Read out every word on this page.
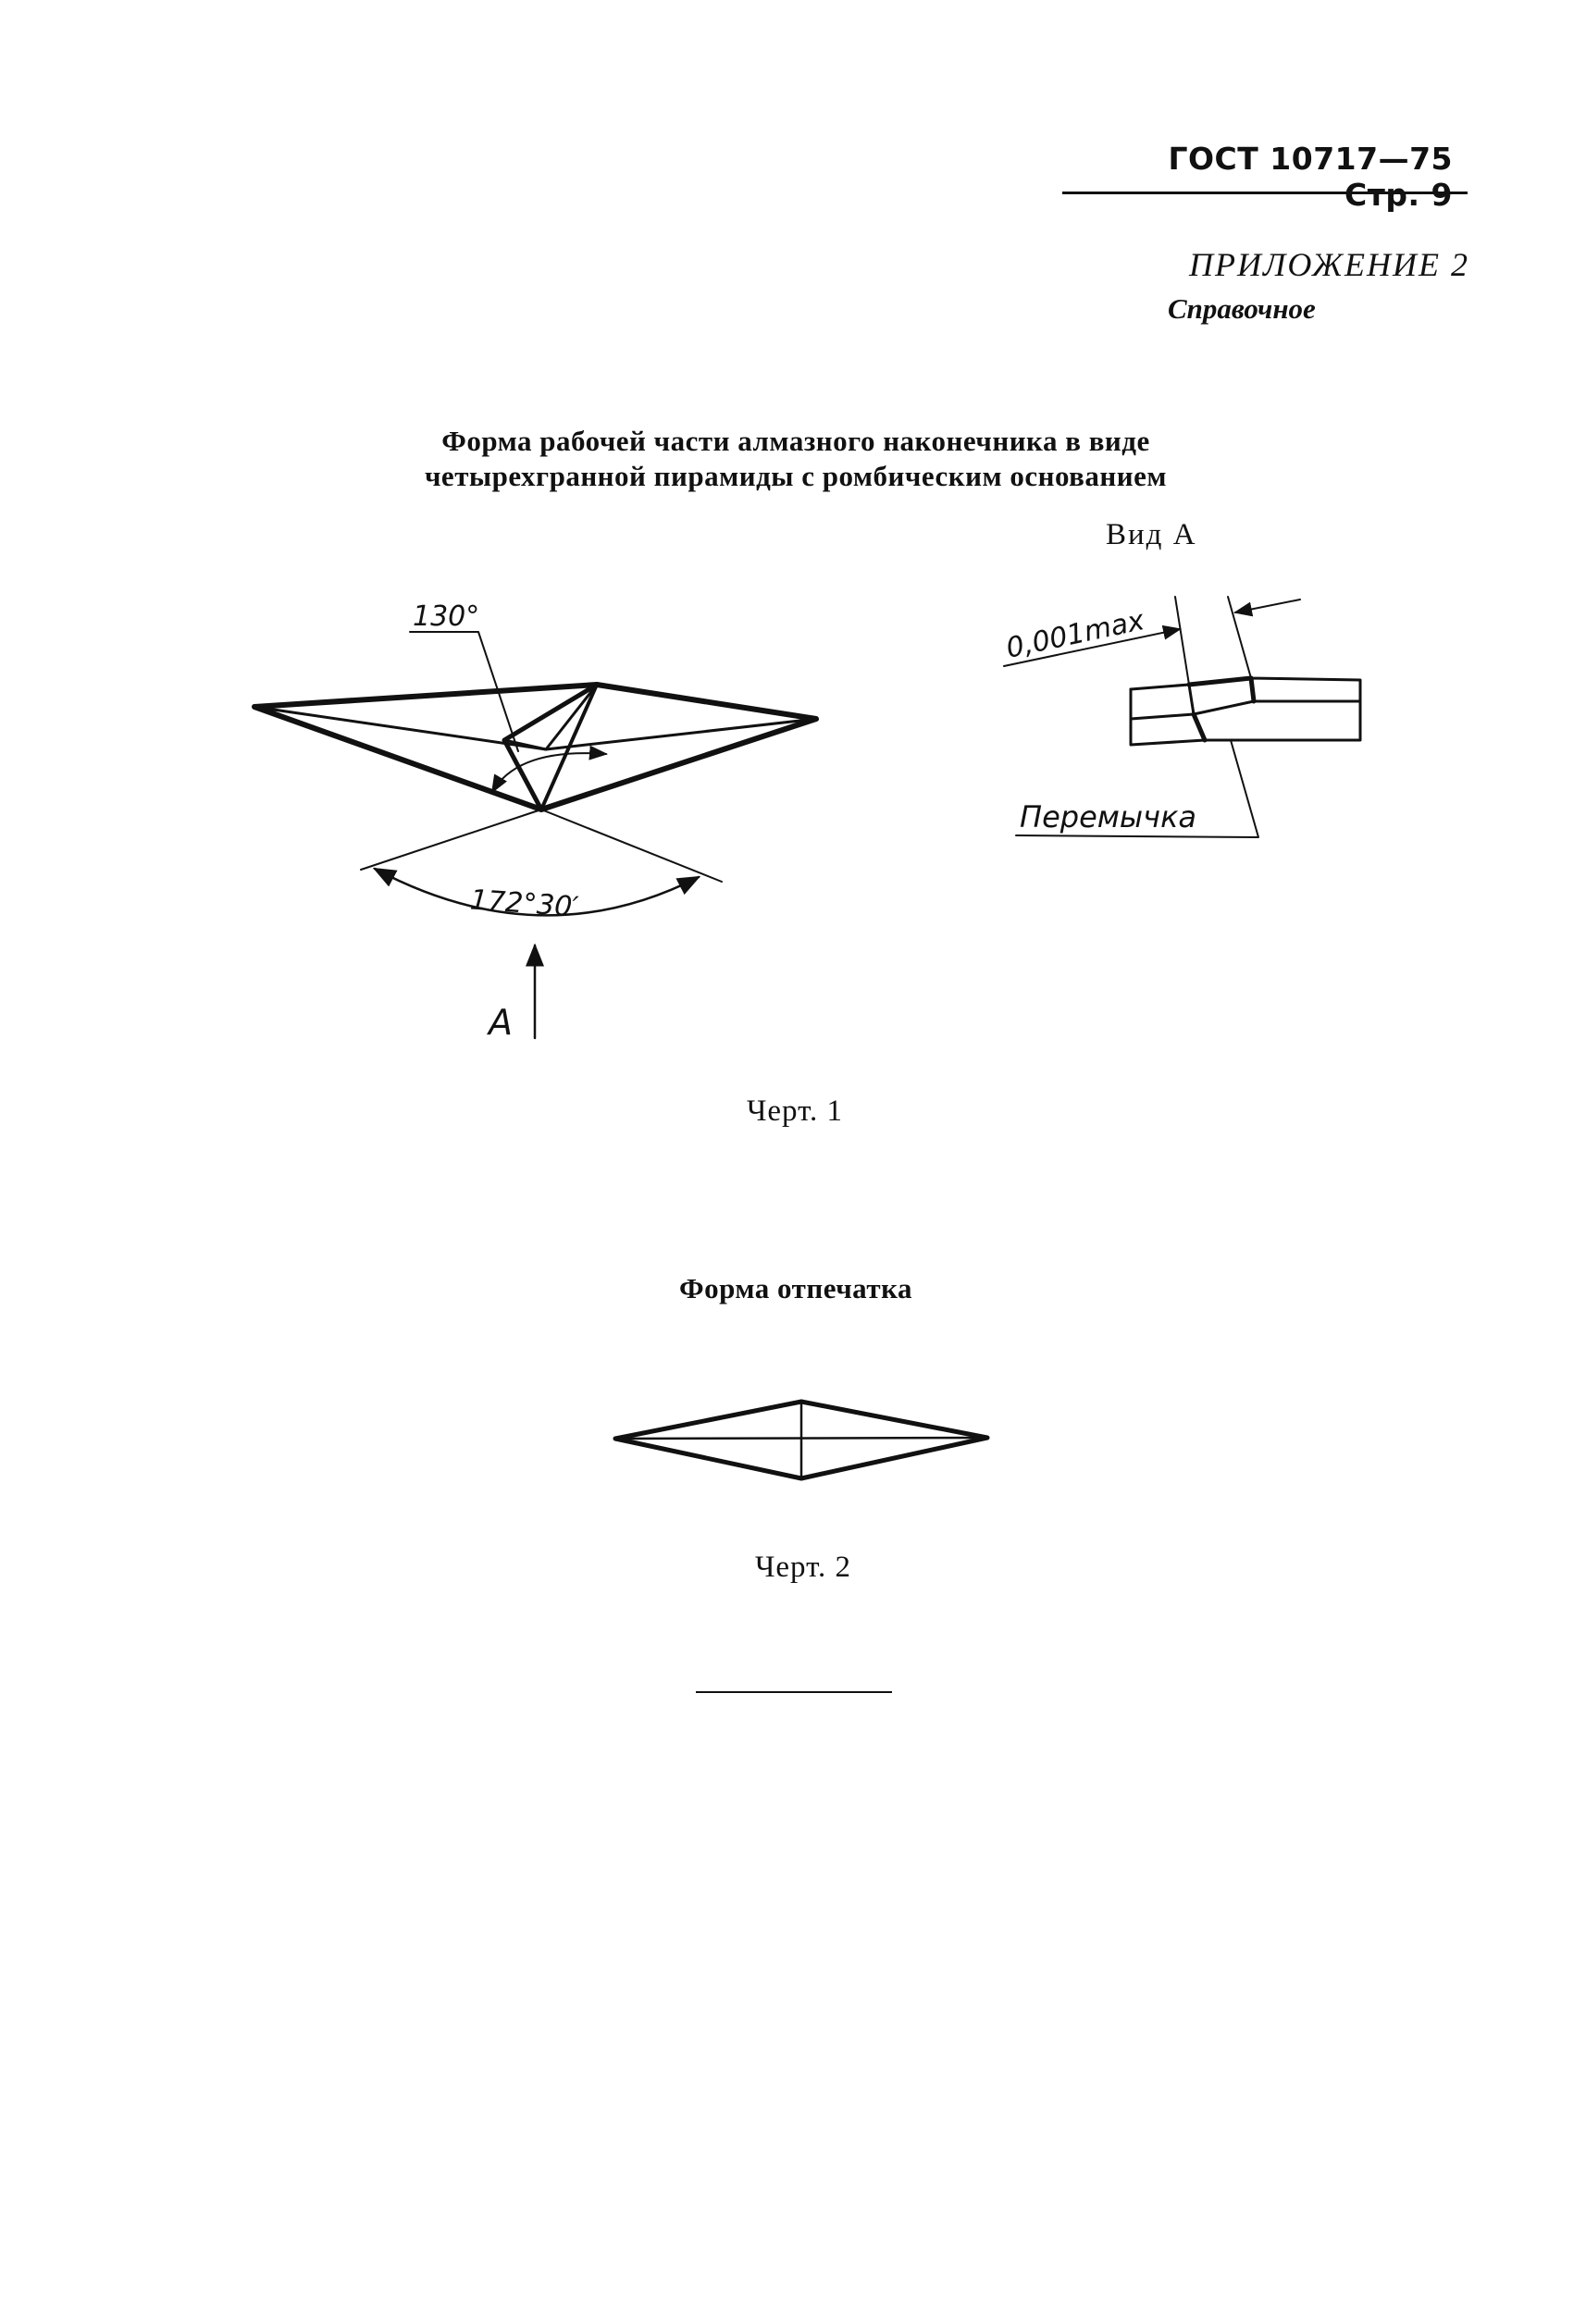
ГОСТ 10717—75 Стр. 9
ПРИЛОЖЕНИЕ 2
Справочное
Форма рабочей части алмазного наконечника в виде четырехгранной пирамиды с ромбическим основанием
Вид А
130°
172°30′
А
0,001max
Перемычка
Черт. 1
Форма отпечатка
Черт. 2
